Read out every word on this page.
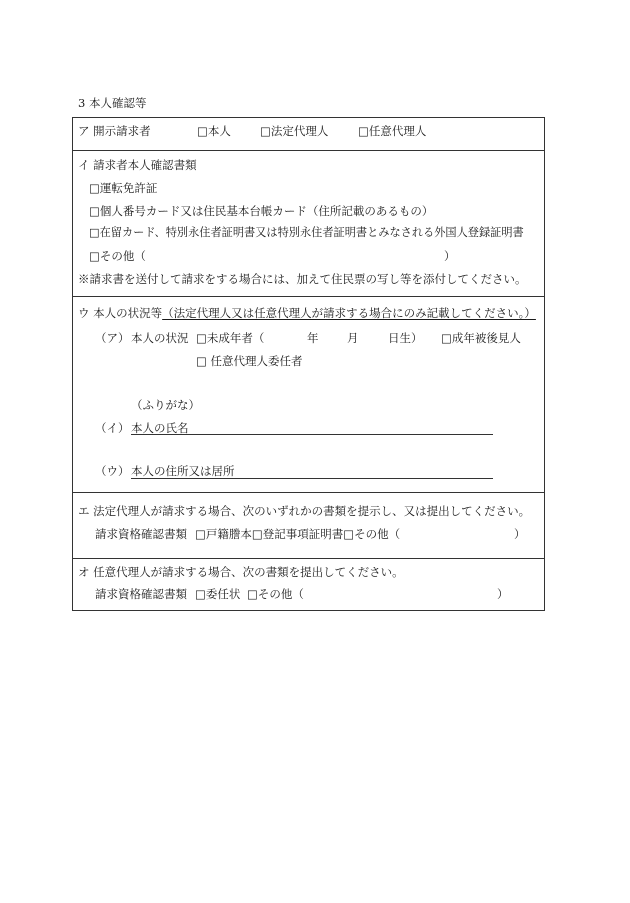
3 本人確認等
ア 開示請求者	□本人	□法定代理人	□任意代理人
イ 請求者本人確認書類
□運転免許証
□個人番号カード又は住民基本台帳カード（住所記載のあるもの）
□在留カード、特別永住者証明書又は特別永住者証明書とみなされる外国人登録証明書
□その他（	）
※請求書を送付して請求をする場合には、加えて住民票の写し等を添付してください。
ウ 本人の状況等（法定代理人又は任意代理人が請求する場合にのみ記載してください。）
（ア） 本人の状況 □未成年者（	年 月	日生） □成年被後見人
□ 任意代理人委任者
（ふりがな）
（イ） 本人の氏名
（ウ） 本人の住所又は居所
エ 法定代理人が請求する場合、次のいずれかの書類を提示し、又は提出してください。
請求資格確認書類 □戸籍謄本□登記事項証明書□その他（	）
オ 任意代理人が請求する場合、次の書類を提出してください。
請求資格確認書類 □委任状 □その他（	）
